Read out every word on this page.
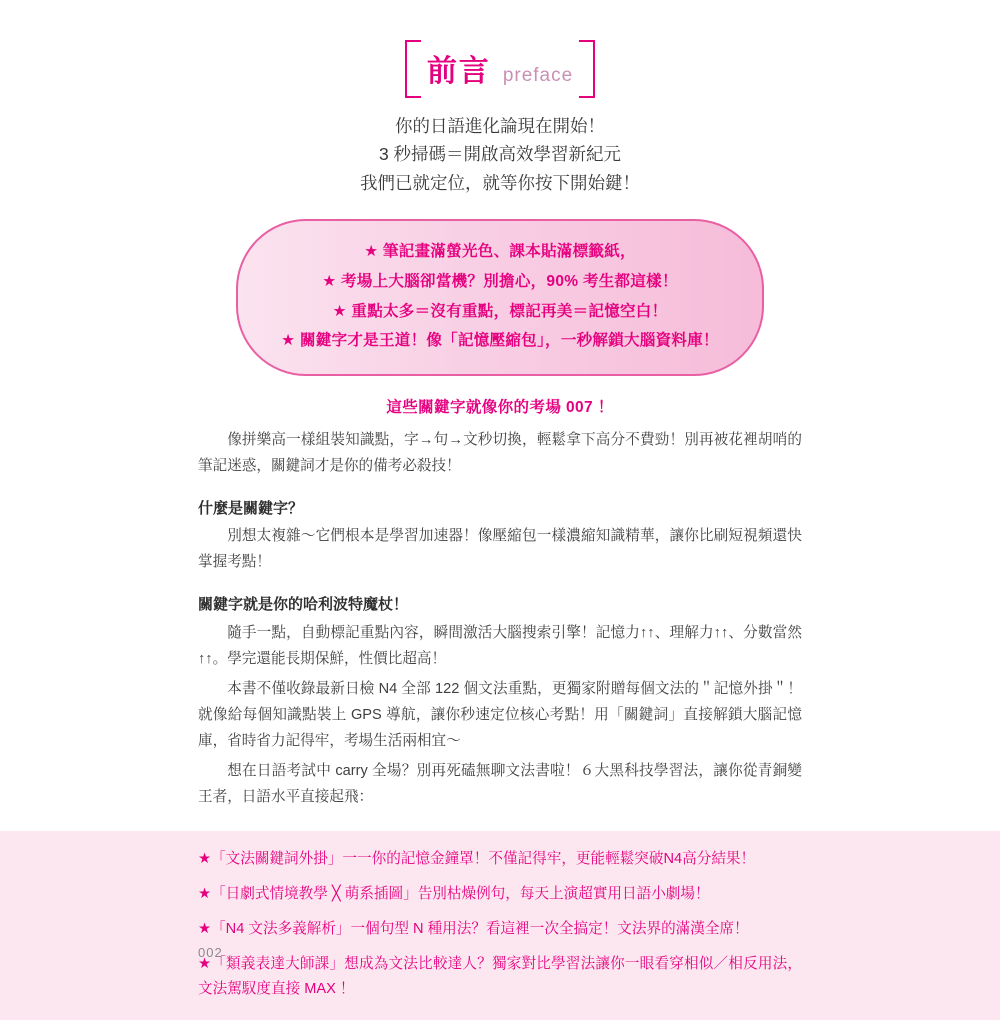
前言 preface
你的日語進化論現在開始！
3 秒掃碼＝開啟高效學習新紀元
我們已就定位，就等你按下開始鍵！
★ 筆記畫滿螢光色、課本貼滿標籤紙，
★ 考場上大腦卻當機？別擔心，90% 考生都這樣！
★ 重點太多＝沒有重點，標記再美＝記憶空白！
★ 關鍵字才是王道！像「記憶壓縮包」，一秒解鎖大腦資料庫！
這些關鍵字就像你的考場 007 ！

像拼樂高一樣組裝知識點，字→句→文秒切換，輕鬆拿下高分不費勁！別再被花裡胡哨的筆記迷惑，關鍵詞才是你的備考必殺技！

什麼是關鍵字？

別想太複雜～它們根本是學習加速器！像壓縮包一樣濃縮知識精華，讓你比刷短視頻還快掌握考點！

關鍵字就是你的哈利波特魔杖！

隨手一點，自動標記重點內容，瞬間激活大腦搜索引擎！記憶力↑↑、理解力↑↑、分數當然↑↑。學完還能長期保鮮，性價比超高！

本書不僅收錄最新日檢 N4 全部 122 個文法重點，更獨家附贈每個文法的＂記憶外掛＂！就像給每個知識點裝上 GPS 導航，讓你秒速定位核心考點！用「關鍵詞」直接解鎖大腦記憶庫，省時省力記得牢，考場生活兩相宜～

想在日語考試中 carry 全場？別再死磕無聊文法書啦！６大黑科技學習法，讓你從青銅變王者，日語水平直接起飛：

★「文法關鍵詞外掛」一一你的記憶金鐘罩！不僅記得牢，更能輕鬆突破N4高分結果！
★「日劇式情境教學 ╳ 萌系插圖」告別枯燥例句，每天上演超實用日語小劇場！
★「N4 文法多義解析」一個句型 N 種用法？看這裡一次全搞定！文法界的滿漢全席！
★「類義表達大師課」想成為文法比較達人？獨家對比學習法讓你一眼看穿相似／相反用法，文法駕馭度直接 MAX ！
002
